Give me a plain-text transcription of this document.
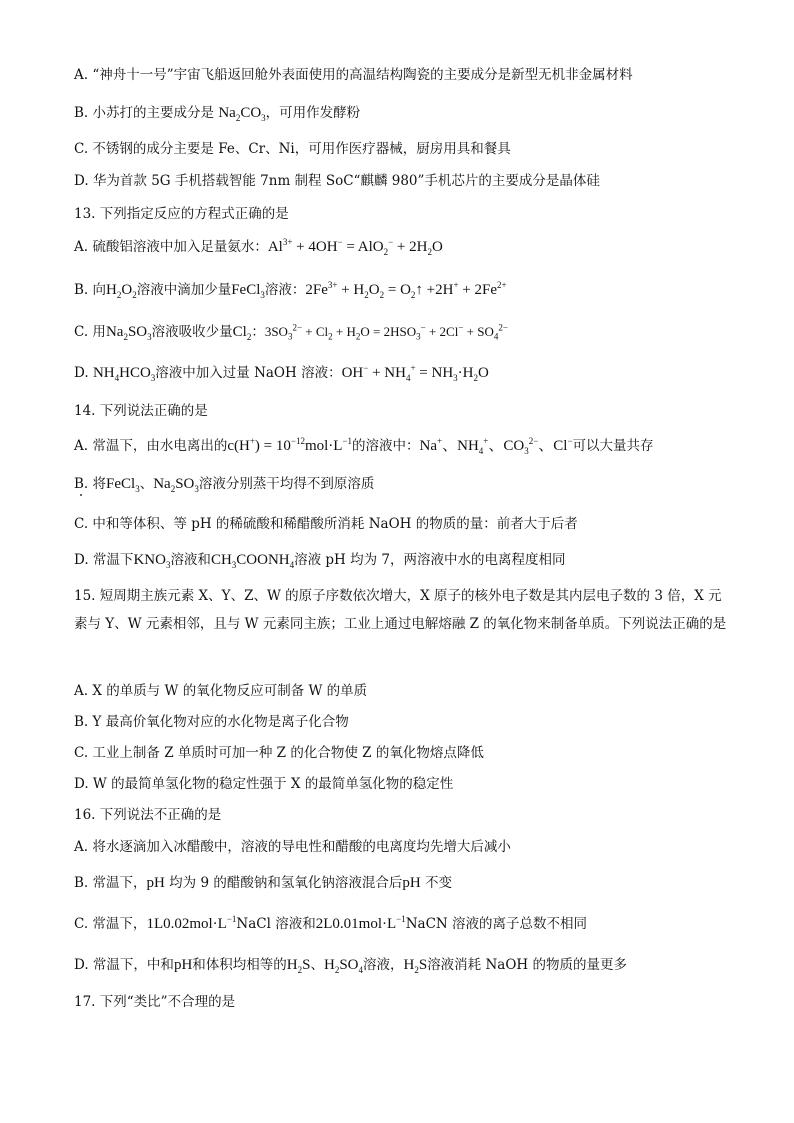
A. “神舟十一号”宇宙飞船返回舱外表面使用的高温结构陶瓷的主要成分是新型无机非金属材料
B. 小苏打的主要成分是 $Na_2CO_3$，可用作发酵粉
C. 不锈钢的成分主要是 Fe、Cr、Ni，可用作医疗器械，厨房用具和餐具
D. 华为首款 5G 手机搭载智能 7nm 制程 SoC“麒麟 980”手机芯片的主要成分是晶体硅
13. 下列指定反应的方程式正确的是
A. 硫酸铝溶液中加入足量氨水：$Al^{3+} + 4OH^- = AlO_2^- + 2H_2O$
B. 向$H_2O_2$溶液中滴加少量FeCl$_3$溶液：$2Fe^{3+} + H_2O_2$ = $O_2↑ +2H^+ + 2Fe^{2+}$
C. 用$Na_2SO_3$溶液吸收少量$Cl_2$：$3SO_3^{2-} + Cl_2 + H_2O = 2HSO_3^- + 2Cl^- + SO_4^{2-}$
D. $NH_4HCO_3$溶液中加入过量 NaOH 溶液：$OH^- + NH_4^+ = NH_3\cdot H_2O$
14. 下列说法正确的是
A. 常温下，由水电离出的$c(H^+) = 10^{-12}mol\cdot L^{-1}$的溶液中：Na+、$NH_4^+$、$CO_3^{2-}$、Cl−可以大量共存
B. 将FeCl$_3$、$Na_2SO_3$溶液分别蒸干均得不到原溶质
C. 中和等体积、等 pH 的稀硫酸和稀醋酸所消耗 NaOH 的物质的量：前者大于后者
D. 常温下$KNO_3$溶液和$CH_3COONH_4$溶液 pH 均为 7，两溶液中水的电离程度相同
15. 短周期主族元素 X、Y、Z、W 的原子序数依次增大，X 原子的核外电子数是其内层电子数的 3 倍，X 元素与 Y、W 元素相邻，且与 W 元素同主族；工业上通过电解熔融 Z 的氧化物来制备单质。下列说法正确的是
A. X 的单质与 W 的氧化物反应可制备 W 的单质
B. Y 最高价氧化物对应的水化物是离子化合物
C. 工业上制备 Z 单质时可加一种 Z 的化合物使 Z 的氧化物熔点降低
D. W 的最简单氢化物的稳定性强于 X 的最简单氢化物的稳定性
16. 下列说法不正确的是
A. 将水逐滴加入冰醋酸中，溶液的导电性和醋酸的电离度均先增大后减小
B. 常温下，pH 均为 9 的醋酸钠和氢氧化钠溶液混合后pH 不变
C. 常温下，$1L0.02mol\cdot L^{-1}NaCl$ 溶液和$2L0.01mol\cdot L^{-1}NaCN$ 溶液的离子总数不相同
D. 常温下，中和pH和体积均相等的$H_2S$、$H_2SO_4$溶液，$H_2S$溶液消耗 NaOH 的物质的量更多
17. 下列“类比”不合理的是
